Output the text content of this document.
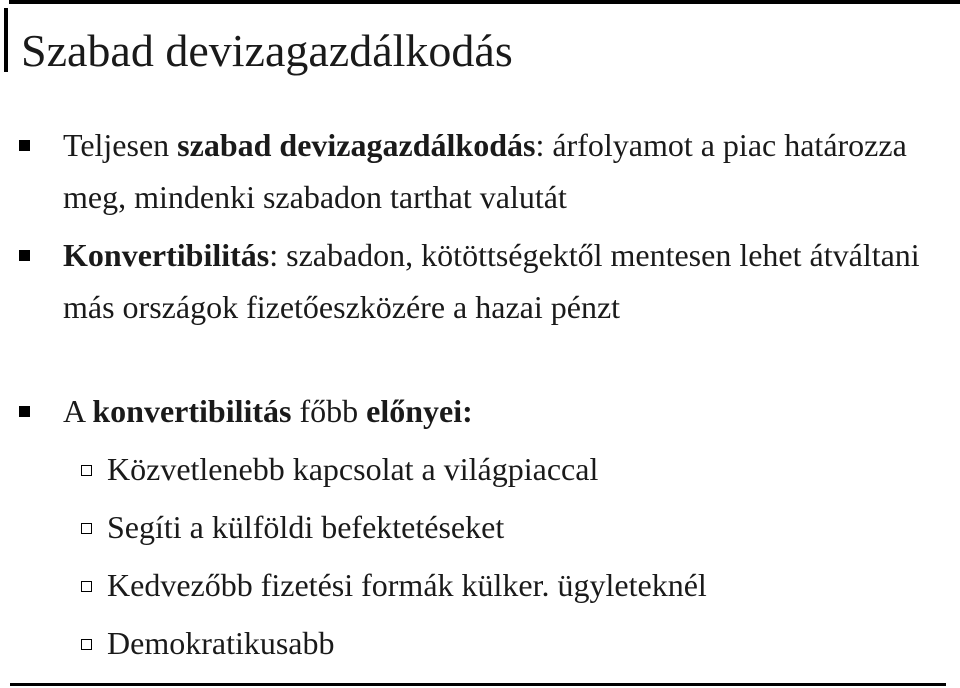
Szabad devizagazdálkodás
Teljesen szabad devizagazdálkodás: árfolyamot a piac határozza meg, mindenki szabadon tarthat valutát
Konvertibilitás: szabadon, kötöttségektől mentesen lehet átváltani más országok fizetőeszközére a hazai pénzt
A konvertibilitás főbb előnyei:
Közvetlenebb kapcsolat a világpiaccal
Segíti a külföldi befektetéseket
Kedvezőbb fizetési formák külker. ügyleteknél
Demokratikusabb
